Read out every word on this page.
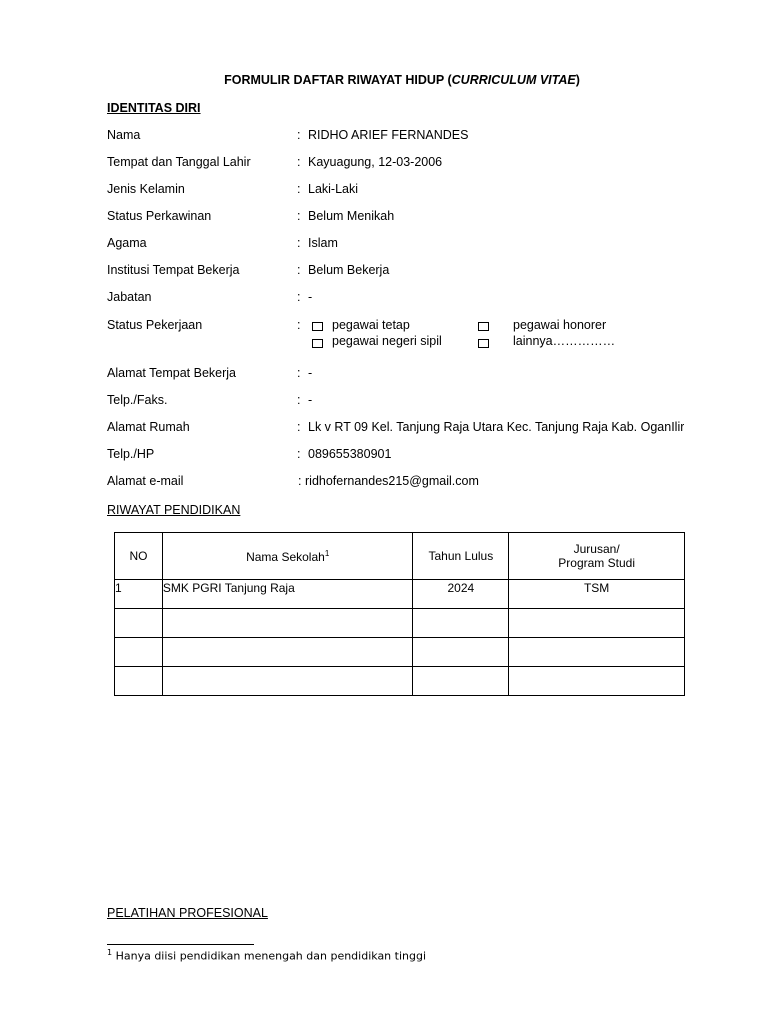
FORMULIR DAFTAR RIWAYAT HIDUP (CURRICULUM VITAE)
IDENTITAS DIRI
Nama	: RIDHO ARIEF FERNANDES
Tempat dan Tanggal Lahir	: Kayuagung, 12-03-2006
Jenis Kelamin	: Laki-Laki
Status Perkawinan	: Belum Menikah
Agama	: Islam
Institusi Tempat Bekerja	: Belum Bekerja
Jabatan	: -
Status Pekerjaan	:	pegawai tetap	pegawai honorer
pegawai negeri sipil	lainnya……………
Alamat Tempat Bekerja	: -
Telp./Faks.	: -
Alamat Rumah	: Lk v RT 09 Kel. Tanjung Raja Utara Kec. Tanjung Raja Kab. OganIlir
Telp./HP	: 089655380901
Alamat e-mail	: ridhofernandes215@gmail.com
RIWAYAT PENDIDIKAN
NO	Nama Sekolah$^1$	Tahun Lulus	Jurusan/
Program Studi
1	SMK PGRI Tanjung Raja	2024	TSM

PELATIHAN PROFESIONAL
$^1$ Hanya diisi pendidikan menengah dan pendidikan tinggi
